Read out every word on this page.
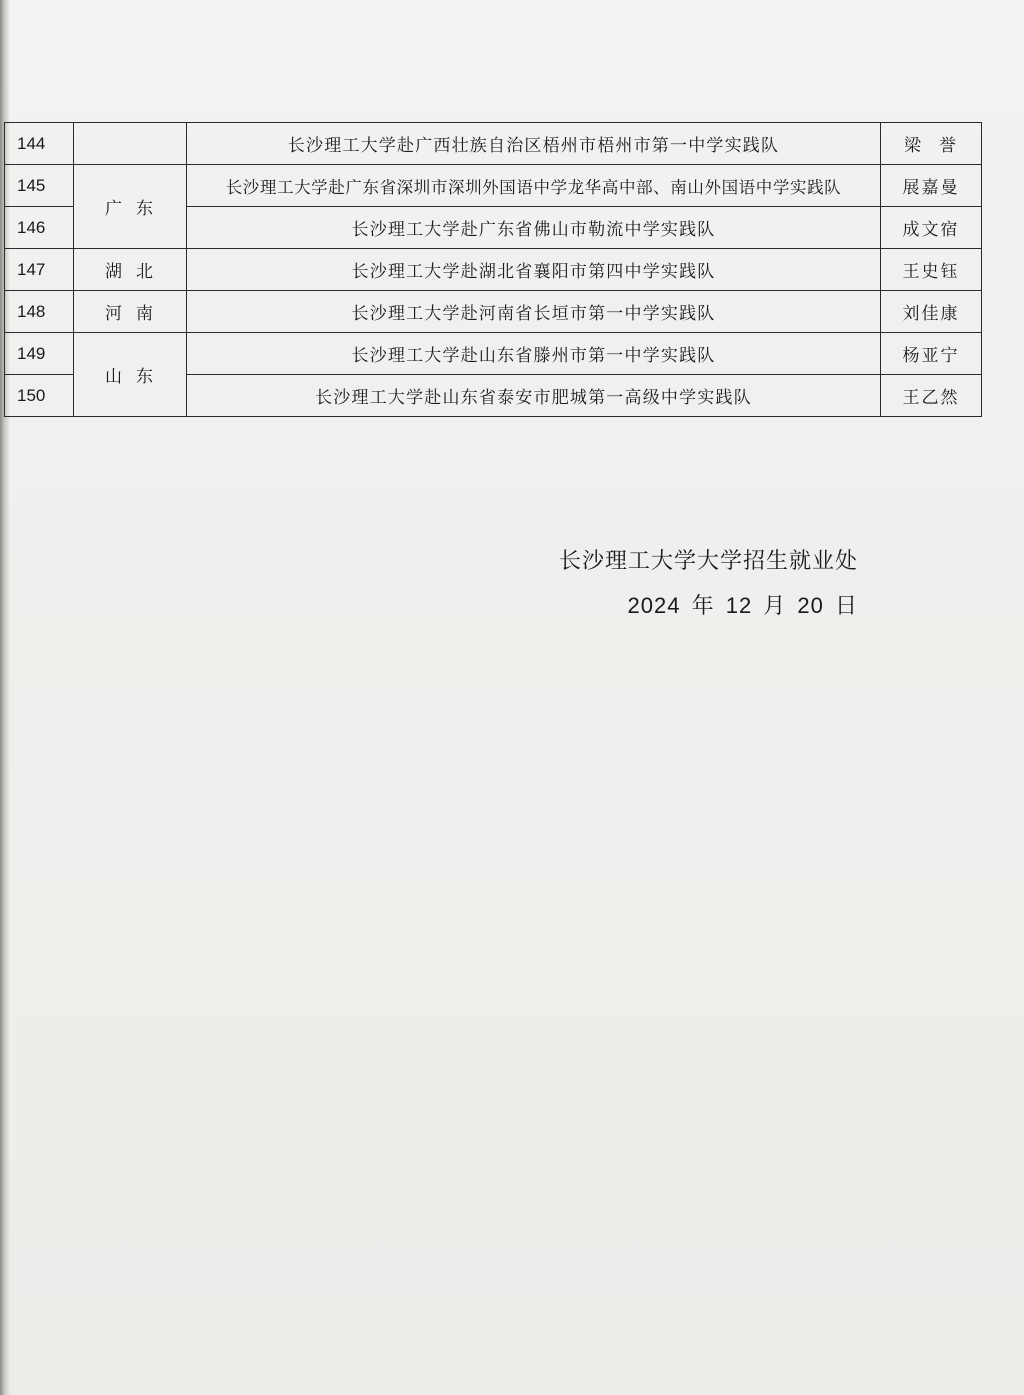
144		长沙理工大学赴广西壮族自治区梧州市梧州市第一中学实践队	梁誉
145	广东	长沙理工大学赴广东省深圳市深圳外国语中学龙华高中部、南山外国语中学实践队	展嘉曼
146		长沙理工大学赴广东省佛山市勒流中学实践队	成文宿
147	湖北	长沙理工大学赴湖北省襄阳市第四中学实践队	王史钰
148	河南	长沙理工大学赴河南省长垣市第一中学实践队	刘佳康
149	山东	长沙理工大学赴山东省滕州市第一中学实践队	杨亚宁
150		长沙理工大学赴山东省泰安市肥城第一高级中学实践队	王乙然
长沙理工大学大学招生就业处
2024 年 12 月 20 日
